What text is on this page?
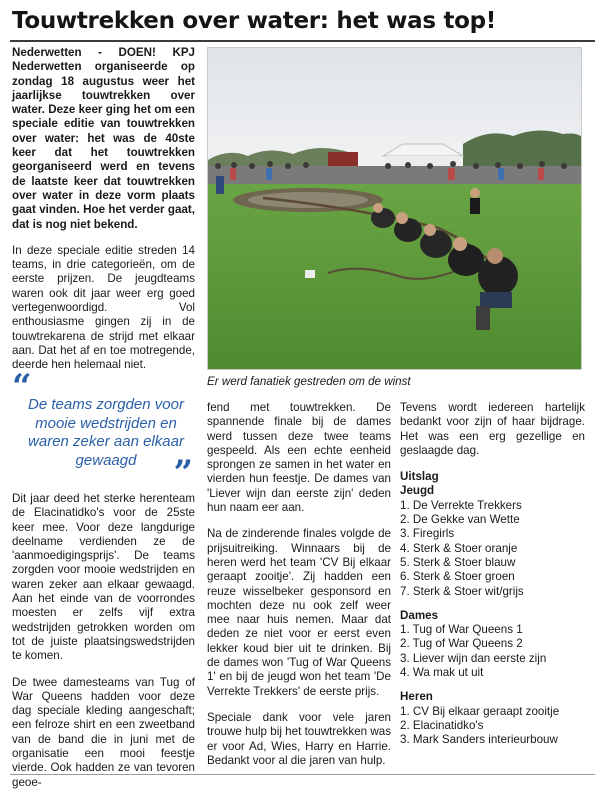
Touwtrekken over water: het was top!

Nederwetten - DOEN! KPJ Nederwetten organiseerde op zondag 18 augustus weer het jaarlijkse touwtrekken over water. Deze keer ging het om een speciale editie van touwtrekken over water: het was de 40ste keer dat het touwtrekken georganiseerd werd en tevens de laatste keer dat touwtrekken over water in deze vorm plaats gaat vinden. Hoe het verder gaat, dat is nog niet bekend.

In deze speciale editie streden 14 teams, in drie categorieën, om de eerste prijzen. De jeugdteams waren ook dit jaar weer erg goed vertegenwoordigd. Vol enthousiasme gingen zij in de touwtrekarena de strijd met elkaar aan. Dat het af en toe motregende, deerde hen helemaal niet.

“
De teams zorgden voor mooie wedstrijden en waren zeker aan elkaar gewaagd	”

Dit jaar deed het sterke herenteam de Elacinatidko's voor de 25ste keer mee. Voor deze langdurige deelname verdienden ze de 'aanmoedigingsprijs'. De teams zorgden voor mooie wedstrijden en waren zeker aan elkaar gewaagd. Aan het einde van de voorrondes moesten er zelfs vijf extra wedstrijden getrokken worden om tot de juiste plaatsingswedstrijden te komen.

De twee damesteams van Tug of War Queens hadden voor deze dag speciale kleding aangeschaft; een felroze shirt en een zweetband van de band die in juni met de organisatie een mooi feestje vierde. Ook hadden ze van tevoren geoe-

Er werd fanatiek gestreden om de winst

fend met touwtrekken. De spannende finale bij de dames werd tussen deze twee teams gespeeld. Als een echte eenheid sprongen ze samen in het water en vierden hun feestje. De dames van 'Liever wijn dan eerste zijn' deden hun naam eer aan.

Na de zinderende finales volgde de prijsuitreiking. Winnaars bij de heren werd het team 'CV Bij elkaar geraapt zooitje'. Zij hadden een reuze wisselbeker gesponsord en mochten deze nu ook zelf weer mee naar huis nemen. Maar dat deden ze niet voor er eerst even lekker koud bier uit te drinken. Bij de dames won 'Tug of War Queens 1' en bij de jeugd won het team 'De Verrekte Trekkers' de eerste prijs.

Speciale dank voor vele jaren trouwe hulp bij het touwtrekken was er voor Ad, Wies, Harry en Harrie. Bedankt voor al die jaren van hulp.

Tevens wordt iedereen hartelijk bedankt voor zijn of haar bijdrage. Het was een erg gezellige en geslaagde dag.

Uitslag
Jeugd
1. De Verrekte Trekkers
2. De Gekke van Wette
3. Firegirls
4. Sterk & Stoer oranje
5. Sterk & Stoer blauw
6. Sterk & Stoer groen
7. Sterk & Stoer wit/grijs
Dames
1. Tug of War Queens 1
2. Tug of War Queens 2
3. Liever wijn dan eerste zijn
4. Wa mak ut uit
Heren
1. CV Bij elkaar geraapt zooitje
2. Elacinatidko's
3. Mark Sanders interieurbouw
